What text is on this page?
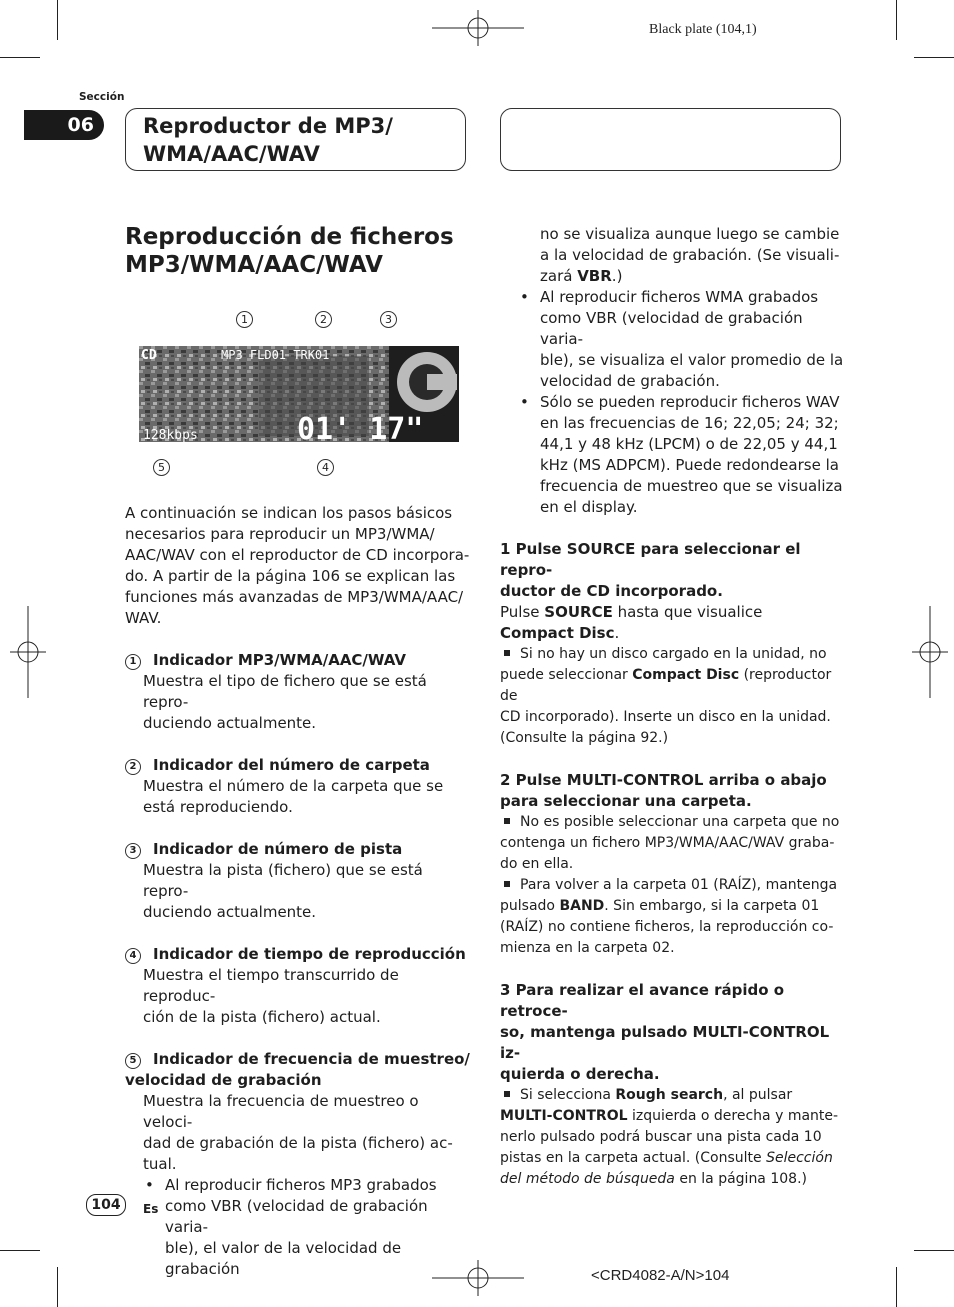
Black plate (104,1)
Sección
06	Reproductor de MP3/ WMA/AAC/WAV
Reproducción de ficheros MP3/WMA/AAC/WAV
1	2	3
4
5
CD	MP3 FLD01 TRK01
128kbps	01' 17"

A continuación se indican los pasos básicos

necesarios para reproducir un MP3/WMA/

AAC/WAV con el reproductor de CD incorpora-

do. A partir de la página 106 se explican las

funciones más avanzadas de MP3/WMA/AAC/

WAV.

1 Indicador MP3/WMA/AAC/WAV

Muestra el tipo de fichero que se está repro-

duciendo actualmente.

2 Indicador del número de carpeta

Muestra el número de la carpeta que se

está reproduciendo.

3 Indicador de número de pista

Muestra la pista (fichero) que se está repro-

duciendo actualmente.

4 Indicador de tiempo de reproducción

Muestra el tiempo transcurrido de reproduc-

ción de la pista (fichero) actual.

5 Indicador de frecuencia de muestreo/

velocidad de grabación

Muestra la frecuencia de muestreo o veloci-

dad de grabación de la pista (fichero) ac-

tual.

• Al reproducir ficheros MP3 grabados

como VBR (velocidad de grabación varia-

ble), el valor de la velocidad de grabación

no se visualiza aunque luego se cambie

a la velocidad de grabación. (Se visuali-

zará VBR.)

• Al reproducir ficheros WMA grabados

como VBR (velocidad de grabación varia-

ble), se visualiza el valor promedio de la

velocidad de grabación.

• Sólo se pueden reproducir ficheros WAV

en las frecuencias de 16; 22,05; 24; 32;

44,1 y 48 kHz (LPCM) o de 22,05 y 44,1

kHz (MS ADPCM). Puede redondearse la

frecuencia de muestreo que se visualiza

en el display.

1 Pulse SOURCE para seleccionar el repro-

ductor de CD incorporado.

Pulse SOURCE hasta que visualice

Compact Disc.

Si no hay un disco cargado en la unidad, no

puede seleccionar Compact Disc (reproductor de

CD incorporado). Inserte un disco en la unidad.

(Consulte la página 92.)

2 Pulse MULTI-CONTROL arriba o abajo

para seleccionar una carpeta.

No es posible seleccionar una carpeta que no

contenga un fichero MP3/WMA/AAC/WAV graba-

do en ella.

Para volver a la carpeta 01 (RAÍZ), mantenga

pulsado BAND. Sin embargo, si la carpeta 01

(RAÍZ) no contiene ficheros, la reproducción co-

mienza en la carpeta 02.

3 Para realizar el avance rápido o retroce-

so, mantenga pulsado MULTI-CONTROL iz-

quierda o derecha.

Si selecciona Rough search, al pulsar

MULTI-CONTROL izquierda o derecha y mante-

nerlo pulsado podrá buscar una pista cada 10

pistas en la carpeta actual. (Consulte Selección

del método de búsqueda en la página 108.)

104	Es
<CRD4082-A/N>104
